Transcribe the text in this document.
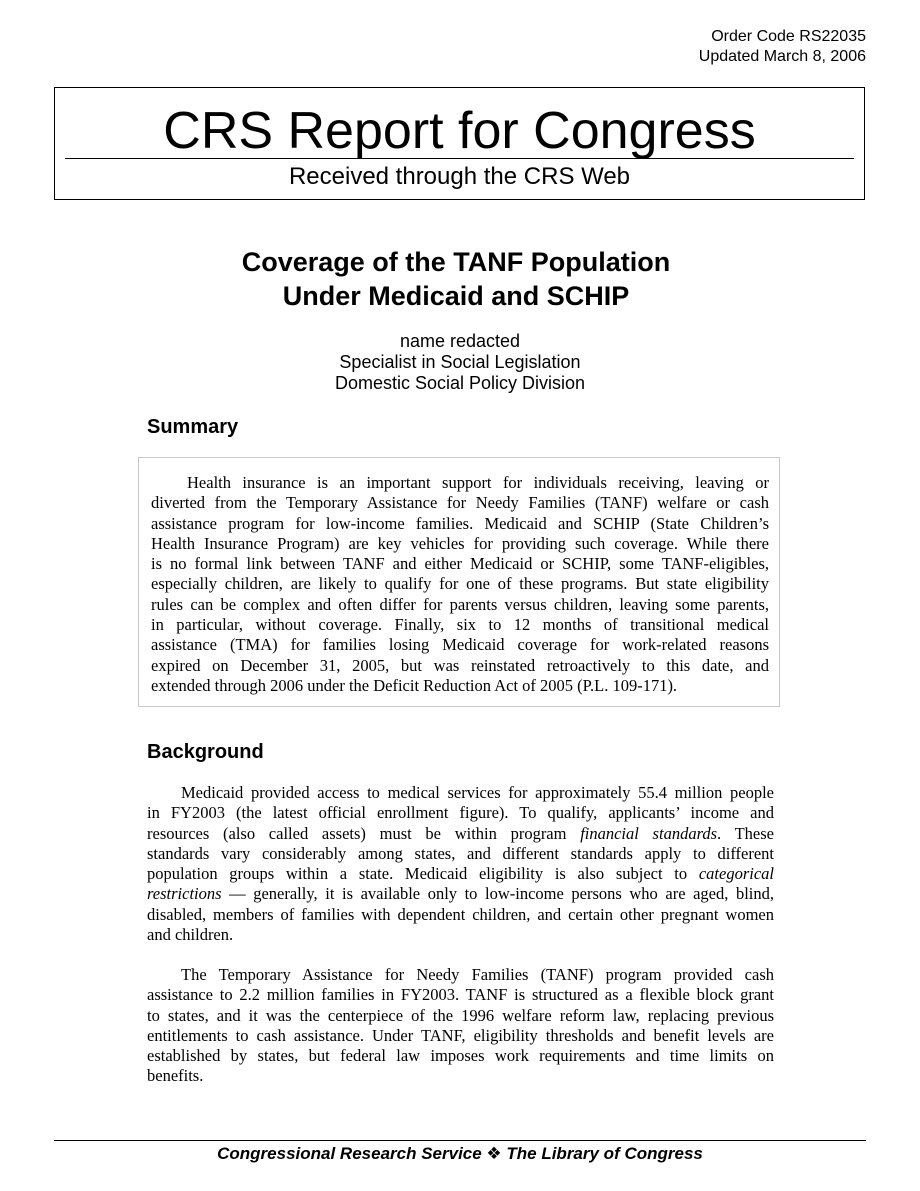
Order Code RS22035
Updated March 8, 2006
CRS Report for Congress
Received through the CRS Web
Coverage of the TANF Population
Under Medicaid and SCHIP
name redacted
Specialist in Social Legislation
Domestic Social Policy Division
Summary
Health insurance is an important support for individuals receiving, leaving or
diverted from the Temporary Assistance for Needy Families (TANF) welfare or cash
assistance program for low-income families. Medicaid and SCHIP (State Children’s
Health Insurance Program) are key vehicles for providing such coverage. While there
is no formal link between TANF and either Medicaid or SCHIP, some TANF-eligibles,
especially children, are likely to qualify for one of these programs. But state eligibility
rules can be complex and often differ for parents versus children, leaving some parents,
in particular, without coverage. Finally, six to 12 months of transitional medical
assistance (TMA) for families losing Medicaid coverage for work-related reasons
expired on December 31, 2005, but was reinstated retroactively to this date, and
extended through 2006 under the Deficit Reduction Act of 2005 (P.L. 109-171).
Background
Medicaid provided access to medical services for approximately 55.4 million people
in FY2003 (the latest official enrollment figure). To qualify, applicants’ income and
resources (also called assets) must be within program financial standards. These
standards vary considerably among states, and different standards apply to different
population groups within a state. Medicaid eligibility is also subject to categorical
restrictions — generally, it is available only to low-income persons who are aged, blind,
disabled, members of families with dependent children, and certain other pregnant women
and children.
The Temporary Assistance for Needy Families (TANF) program provided cash
assistance to 2.2 million families in FY2003. TANF is structured as a flexible block grant
to states, and it was the centerpiece of the 1996 welfare reform law, replacing previous
entitlements to cash assistance. Under TANF, eligibility thresholds and benefit levels are
established by states, but federal law imposes work requirements and time limits on
benefits.
Congressional Research Service ❖ The Library of Congress
